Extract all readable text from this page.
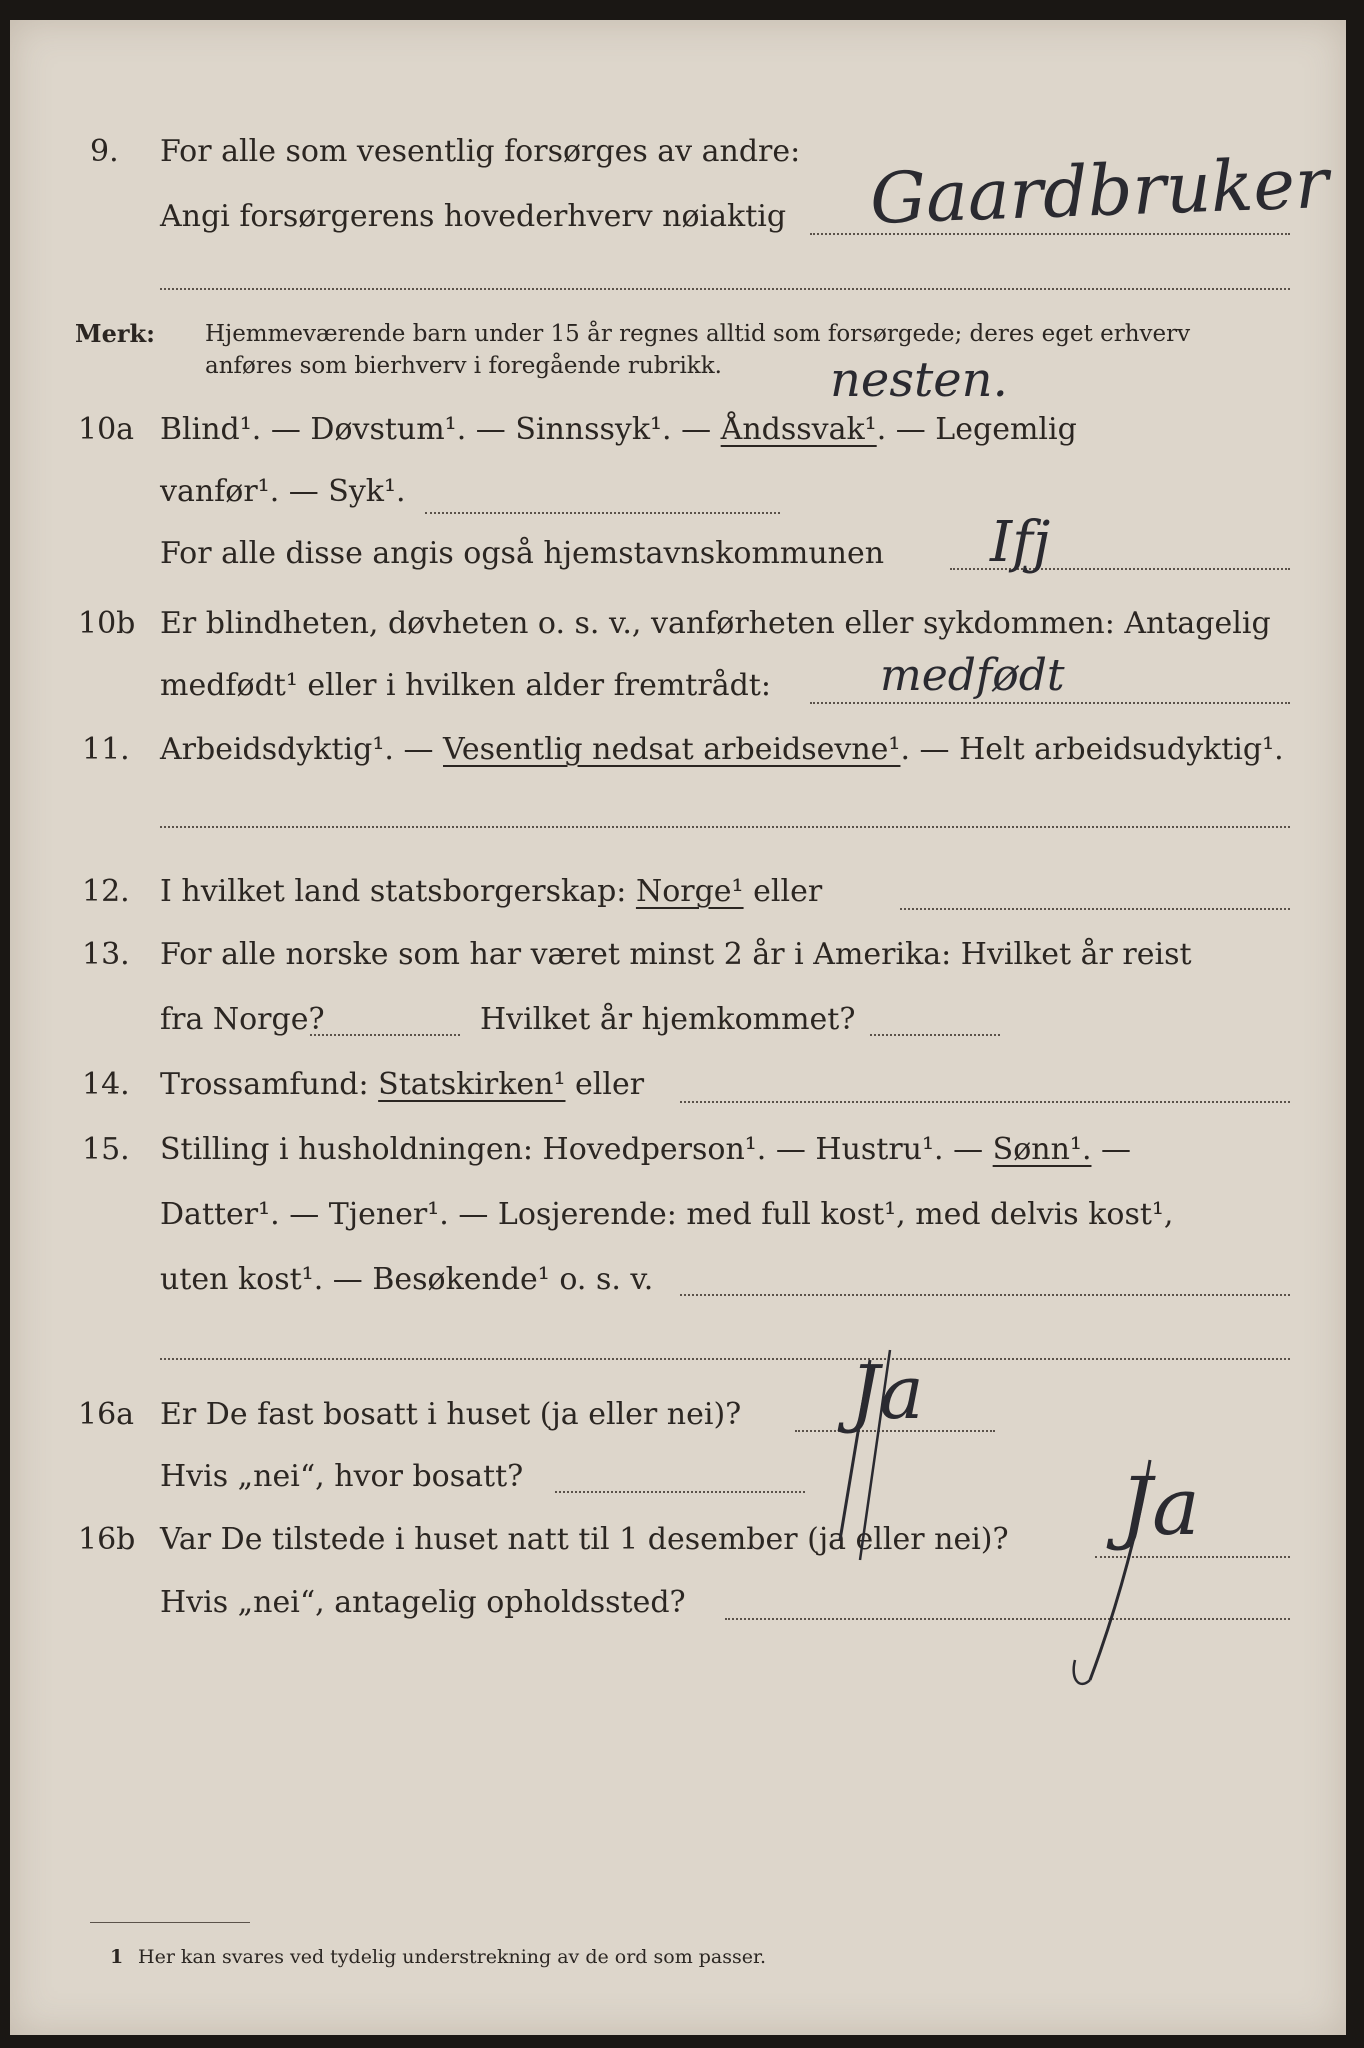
9. For alle som vesentlig forsørges av andre:
Angi forsørgerens hovederhverv nøiaktig Gaardbruker
Merk: Hjemmeværende barn under 15 år regnes alltid som forsørgede; deres eget erhverv
anføres som bierhverv i foregående rubrikk. nesten.
10a Blind¹. — Døvstum¹. — Sinnssyk¹. — Åndssvak¹. — Legemlig
vanfør¹. — Syk¹.
For alle disse angis også hjemstavnskommunen Ifj
10b Er blindheten, døvheten o. s. v., vanførheten eller sykdommen: Antagelig
medfødt¹ eller i hvilken alder fremtrådt: medfødt
11. Arbeidsdyktig¹. — Vesentlig nedsat arbeidsevne¹. — Helt arbeidsudyktig¹.
12. I hvilket land statsborgerskap: Norge¹ eller
13. For alle norske som har været minst 2 år i Amerika: Hvilket år reist
fra Norge?	Hvilket år hjemkommet?
14. Trossamfund: Statskirken¹ eller
15. Stilling i husholdningen: Hovedperson¹. — Hustru¹. — Sønn¹. —
Datter¹. — Tjener¹. — Losjerende: med full kost¹, med delvis kost¹,
uten kost¹. — Besøkende¹ o. s. v.
16a Er De fast bosatt i huset (ja eller nei)? Ja
Hvis „nei“, hvor bosatt?
16b Var De tilstede i huset natt til 1 desember (ja eller nei)? Ja
Hvis „nei“, antagelig opholdssted?
1 Her kan svares ved tydelig understrekning av de ord som passer.
